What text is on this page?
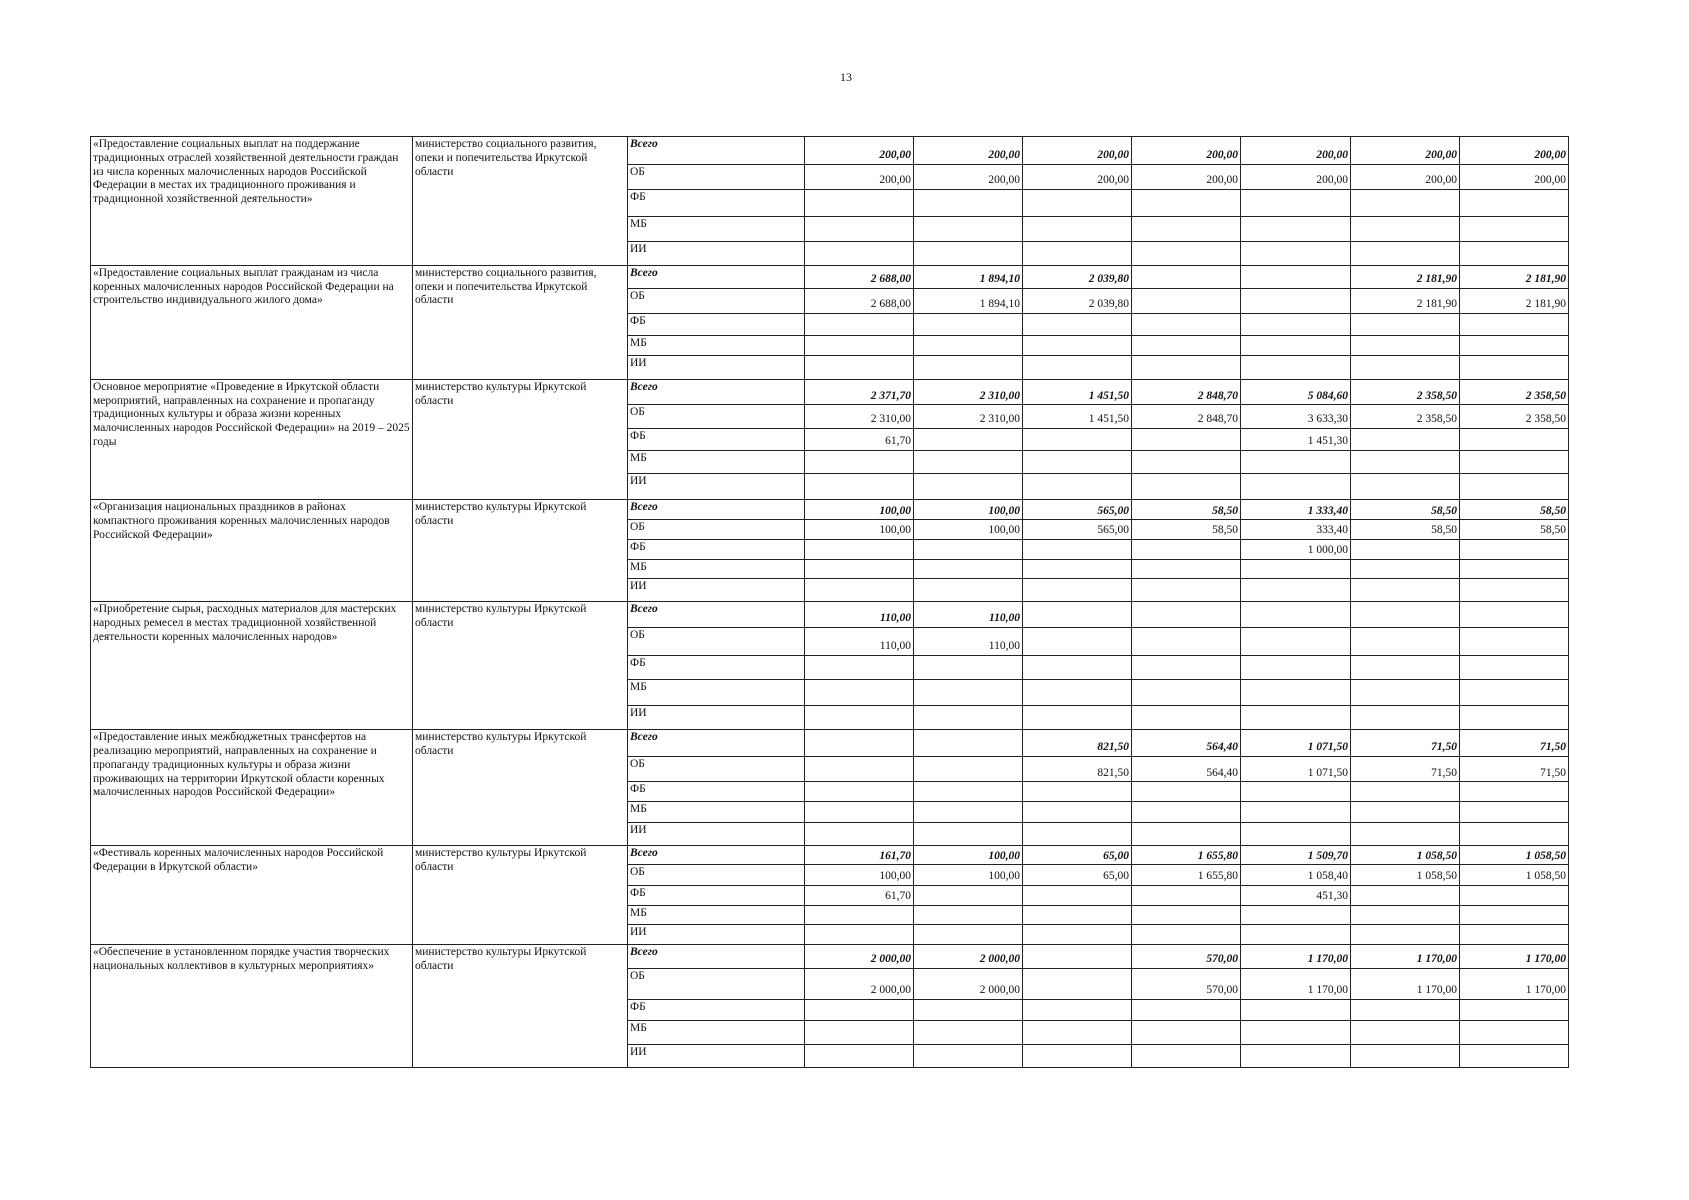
13
«Предоставление социальных выплат на поддержание традиционных отраслей хозяйственной деятельности граждан из числа коренных малочисленных народов Российской Федерации в местах их традиционного проживания и традиционной хозяйственной деятельности»	министерство социального развития, опеки и попечительства Иркутской области	Всего	200,00	200,00	200,00	200,00	200,00	200,00	200,00
		ОБ	200,00	200,00	200,00	200,00	200,00	200,00	200,00
		ФБ							
		МБ							
		ИИ							
«Предоставление социальных выплат гражданам из числа коренных малочисленных народов Российской Федерации на строительство индивидуального жилого дома»	министерство социального развития, опеки и попечительства Иркутской области	Всего	2 688,00	1 894,10	2 039,80			2 181,90	2 181,90
		ОБ	2 688,00	1 894,10	2 039,80			2 181,90	2 181,90
		ФБ							
		МБ							
		ИИ							
Основное мероприятие «Проведение в Иркутской области мероприятий, направленных на сохранение и пропаганду традиционных культуры и образа жизни коренных малочисленных народов Российской Федерации» на 2019 – 2025 годы	министерство культуры Иркутской области	Всего	2 371,70	2 310,00	1 451,50	2 848,70	5 084,60	2 358,50	2 358,50
		ОБ	2 310,00	2 310,00	1 451,50	2 848,70	3 633,30	2 358,50	2 358,50
		ФБ	61,70				1 451,30		
		МБ							
		ИИ							
«Организация национальных праздников в районах компактного проживания коренных малочисленных народов Российской Федерации»	министерство культуры Иркутской области	Всего	100,00	100,00	565,00	58,50	1 333,40	58,50	58,50
		ОБ	100,00	100,00	565,00	58,50	333,40	58,50	58,50
		ФБ					1 000,00		
		МБ							
		ИИ							
«Приобретение сырья, расходных материалов для мастерских народных ремесел в местах традиционной хозяйственной деятельности коренных малочисленных народов»	министерство культуры Иркутской области	Всего	110,00	110,00					
		ОБ	110,00	110,00					
		ФБ							
		МБ							
		ИИ							
«Предоставление иных межбюджетных трансфертов на реализацию мероприятий, направленных на сохранение и пропаганду традиционных культуры и образа жизни проживающих на территории Иркутской области коренных малочисленных народов Российской Федерации»	министерство культуры Иркутской области	Всего			821,50	564,40	1 071,50	71,50	71,50
		ОБ			821,50	564,40	1 071,50	71,50	71,50
		ФБ							
		МБ							
		ИИ							
«Фестиваль коренных малочисленных народов Российской Федерации в Иркутской области»	министерство культуры Иркутской области	Всего	161,70	100,00	65,00	1 655,80	1 509,70	1 058,50	1 058,50
		ОБ	100,00	100,00	65,00	1 655,80	1 058,40	1 058,50	1 058,50
		ФБ	61,70				451,30		
		МБ							
		ИИ							
«Обеспечение в установленном порядке участия творческих национальных коллективов в культурных мероприятиях»	министерство культуры Иркутской области	Всего	2 000,00	2 000,00		570,00	1 170,00	1 170,00	1 170,00
		ОБ	2 000,00	2 000,00		570,00	1 170,00	1 170,00	1 170,00
		ФБ							
		МБ							
		ИИ							
